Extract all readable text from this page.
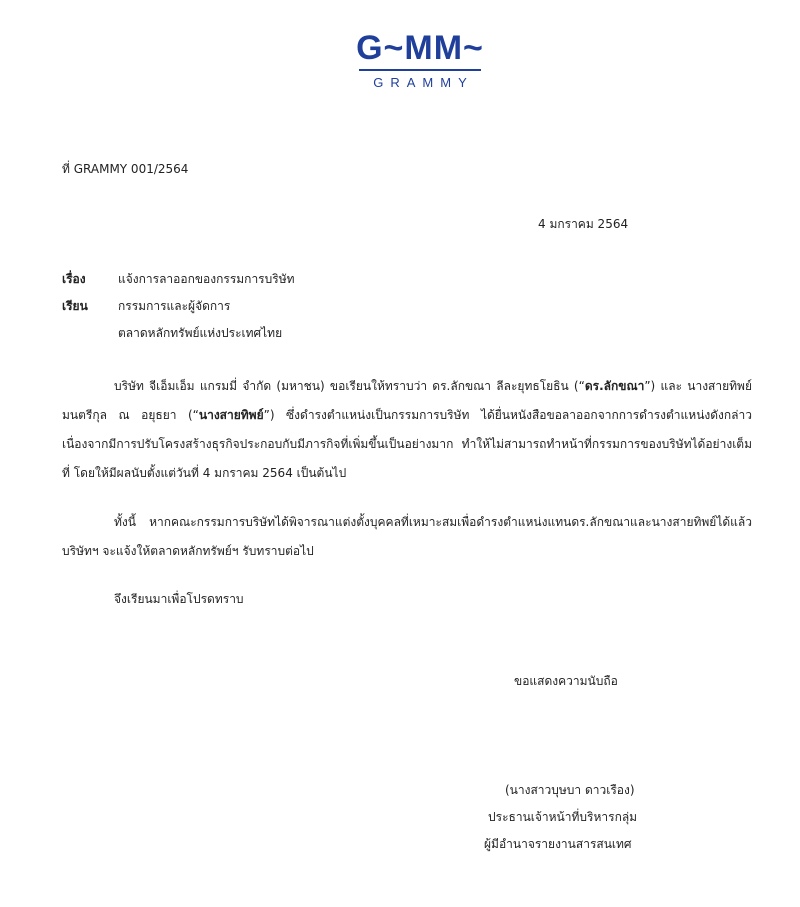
G~MM~
GRAMMY
ที่ GRAMMY 001/2564
4 มกราคม 2564
เรื่อง	แจ้งการลาออกของกรรมการบริษัท
เรียน	กรรมการและผู้จัดการ
ตลาดหลักทรัพย์แห่งประเทศไทย
บริษัท จีเอ็มเอ็ม แกรมมี่ จำกัด (มหาชน) ขอเรียนให้ทราบว่า ดร.ลักขณา ลีละยุทธโยธิน (“ดร.ลักขณา”) และ นางสายทิพย์ มนตรีกุล ณ อยุธยา (“นางสายทิพย์”) ซึ่งดำรงตำแหน่งเป็นกรรมการบริษัท ได้ยื่นหนังสือขอลาออกจากการดำรงตำแหน่งดังกล่าว เนื่องจากมีการปรับโครงสร้างธุรกิจประกอบกับมีภารกิจที่เพิ่มขึ้นเป็นอย่างมาก ทำให้ไม่สามารถทำหน้าที่กรรมการของบริษัทได้อย่างเต็มที่ โดยให้มีผลนับตั้งแต่วันที่ 4 มกราคม 2564 เป็นต้นไป
ทั้งนี้ หากคณะกรรมการบริษัทได้พิจารณาแต่งตั้งบุคคลที่เหมาะสมเพื่อดำรงตำแหน่งแทนดร.ลักขณาและนางสายทิพย์ได้แล้ว บริษัทฯ จะแจ้งให้ตลาดหลักทรัพย์ฯ รับทราบต่อไป
จึงเรียนมาเพื่อโปรดทราบ
ขอแสดงความนับถือ
(นางสาวบุษบา ดาวเรือง)
ประธานเจ้าหน้าที่บริหารกลุ่ม
ผู้มีอำนาจรายงานสารสนเทศ
